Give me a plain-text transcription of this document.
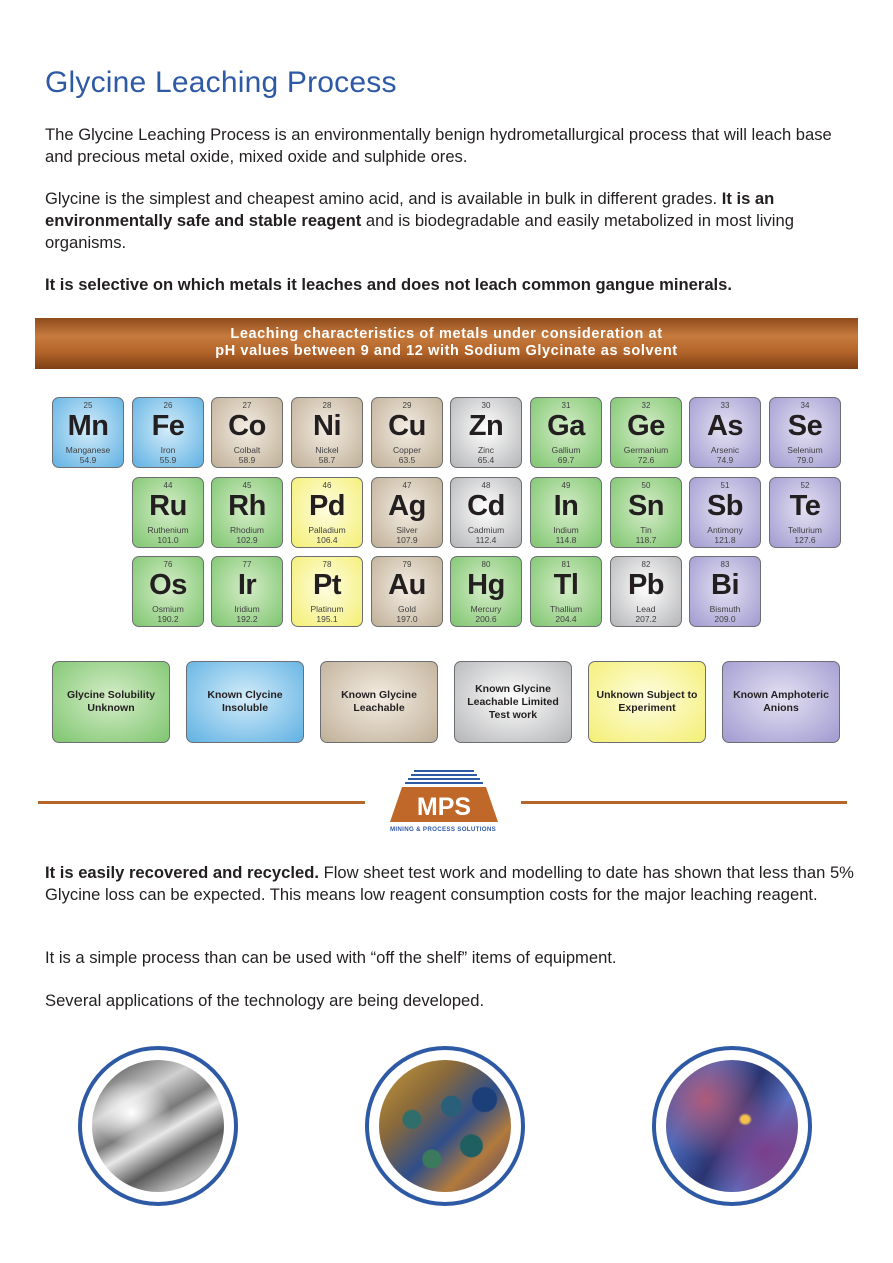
Glycine Leaching Process

The Glycine Leaching Process is an environmentally benign hydrometallurgical process that will leach base and precious metal oxide, mixed oxide and sulphide ores.

Glycine is the simplest and cheapest amino acid, and is available in bulk in different grades. It is an environmentally safe and stable reagent and is biodegradable and easily metabolized in most living organisms.

It is selective on which metals it leaches and does not leach common gangue minerals.

Leaching characteristics of metals under consideration at
pH values between 9 and 12 with Sodium Glycinate as solvent
25
Mn
Manganese
54.9
26
Fe
Iron
55.9
27
Co
Colbalt
58.9
28
Ni
Nickel
58.7
29
Cu
Copper
63.5
30
Zn
Zinc
65.4
31
Ga
Gallium
69.7
32
Ge
Germanium
72.6
33
As
Arsenic
74.9
34
Se
Selenium
79.0
44
Ru
Ruthenium
101.0
45
Rh
Rhodium
102.9
46
Pd
Palladium
106.4
47
Ag
Silver
107.9
48
Cd
Cadmium
112.4
49
In
Indium
114.8
50
Sn
Tin
118.7
51
Sb
Antimony
121.8
52
Te
Tellurium
127.6
76
Os
Osmium
190.2
77
Ir
Iridium
192.2
78
Pt
Platinum
195.1
79
Au
Gold
197.0
80
Hg
Mercury
200.6
81
Tl
Thallium
204.4
82
Pb
Lead
207.2
83
Bi
Bismuth
209.0
Glycine Solubility Unknown
Known Clycine Insoluble
Known Glycine Leachable
Known Glycine Leachable Limited Test work
Unknown Subject to Experiment
Known Amphoteric Anions
MPS
MINING & PROCESS SOLUTIONS

It is easily recovered and recycled. Flow sheet test work and modelling to date has shown that less than 5% Glycine loss can be expected. This means low reagent consumption costs for the major leaching reagent.

It is a simple process than can be used with “off the shelf” items of equipment.

Several applications of the technology are being developed.
